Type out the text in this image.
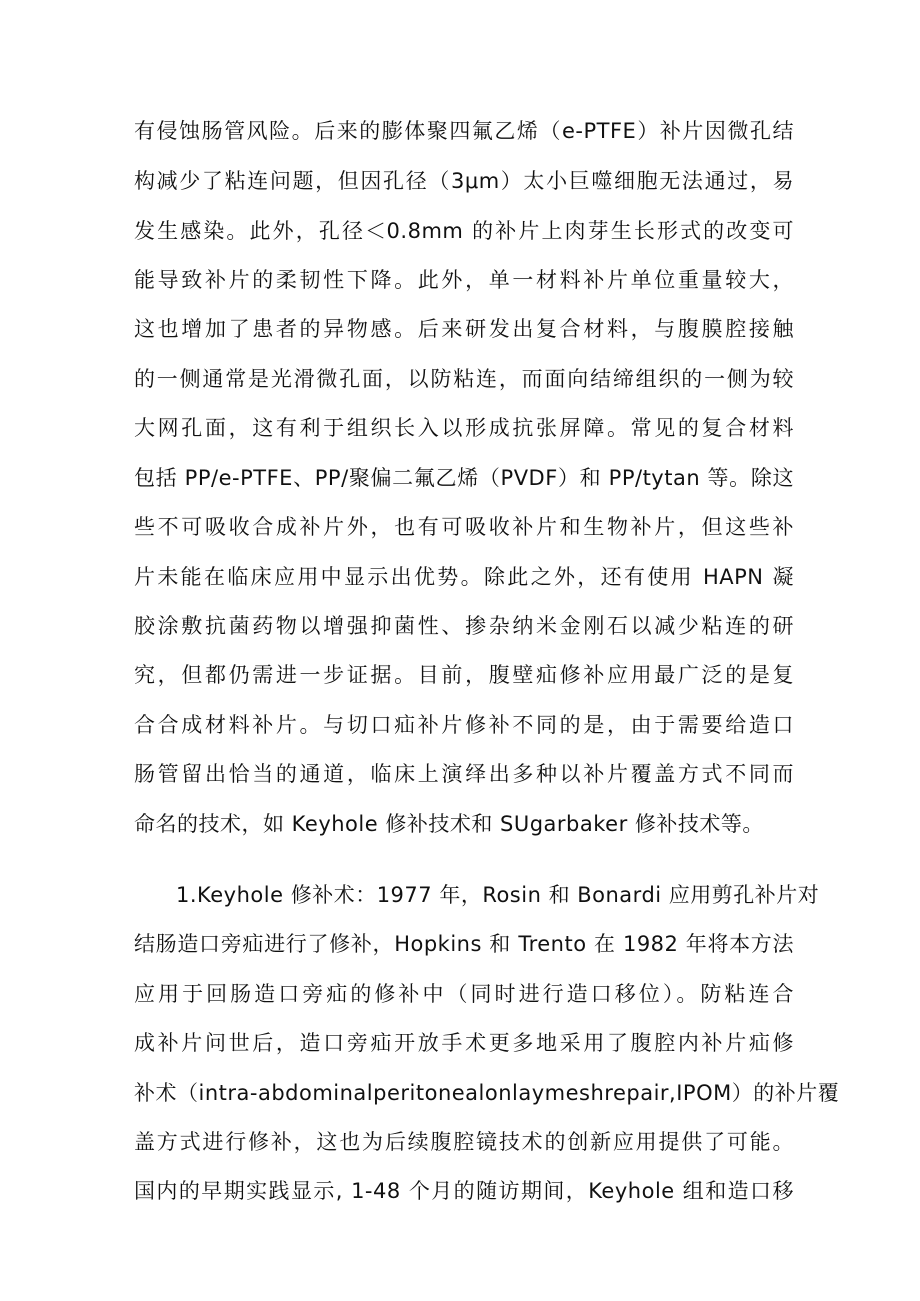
有侵蚀肠管风险。后来的膨体聚四氟乙烯（e-PTFE）补片因微孔结
构减少了粘连问题，但因孔径（3μm）太小巨噬细胞无法通过，易
发生感染。此外，孔径＜0.8mm 的补片上肉芽生长形式的改变可
能导致补片的柔韧性下降。此外，单一材料补片单位重量较大，
这也增加了患者的异物感。后来研发出复合材料，与腹膜腔接触
的一侧通常是光滑微孔面，以防粘连，而面向结缔组织的一侧为较
大网孔面，这有利于组织长入以形成抗张屏障。常见的复合材料
包括 PP/e-PTFE、PP/聚偏二氟乙烯（PVDF）和 PP/tytan 等。除这
些不可吸收合成补片外，也有可吸收补片和生物补片，但这些补
片未能在临床应用中显示出优势。除此之外，还有使用 HAPN 凝
胶涂敷抗菌药物以增强抑菌性、掺杂纳米金刚石以减少粘连的研
究，但都仍需进一步证据。目前，腹壁疝修补应用最广泛的是复
合合成材料补片。与切口疝补片修补不同的是，由于需要给造口
肠管留出恰当的通道，临床上演绎出多种以补片覆盖方式不同而
命名的技术，如 Keyhole 修补技术和 SUgarbaker 修补技术等。
1.Keyhole 修补术：1977 年，Rosin 和 Bonardi 应用剪孔补片对
结肠造口旁疝进行了修补，Hopkins 和 Trento 在 1982 年将本方法
应用于回肠造口旁疝的修补中（同时进行造口移位）。防粘连合
成补片问世后，造口旁疝开放手术更多地采用了腹腔内补片疝修
补术（intra-abdominalperitonealonlaymeshrepair,IPOM）的补片覆
盖方式进行修补，这也为后续腹腔镜技术的创新应用提供了可能。
国内的早期实践显示, 1-48 个月的随访期间，Keyhole 组和造口移
